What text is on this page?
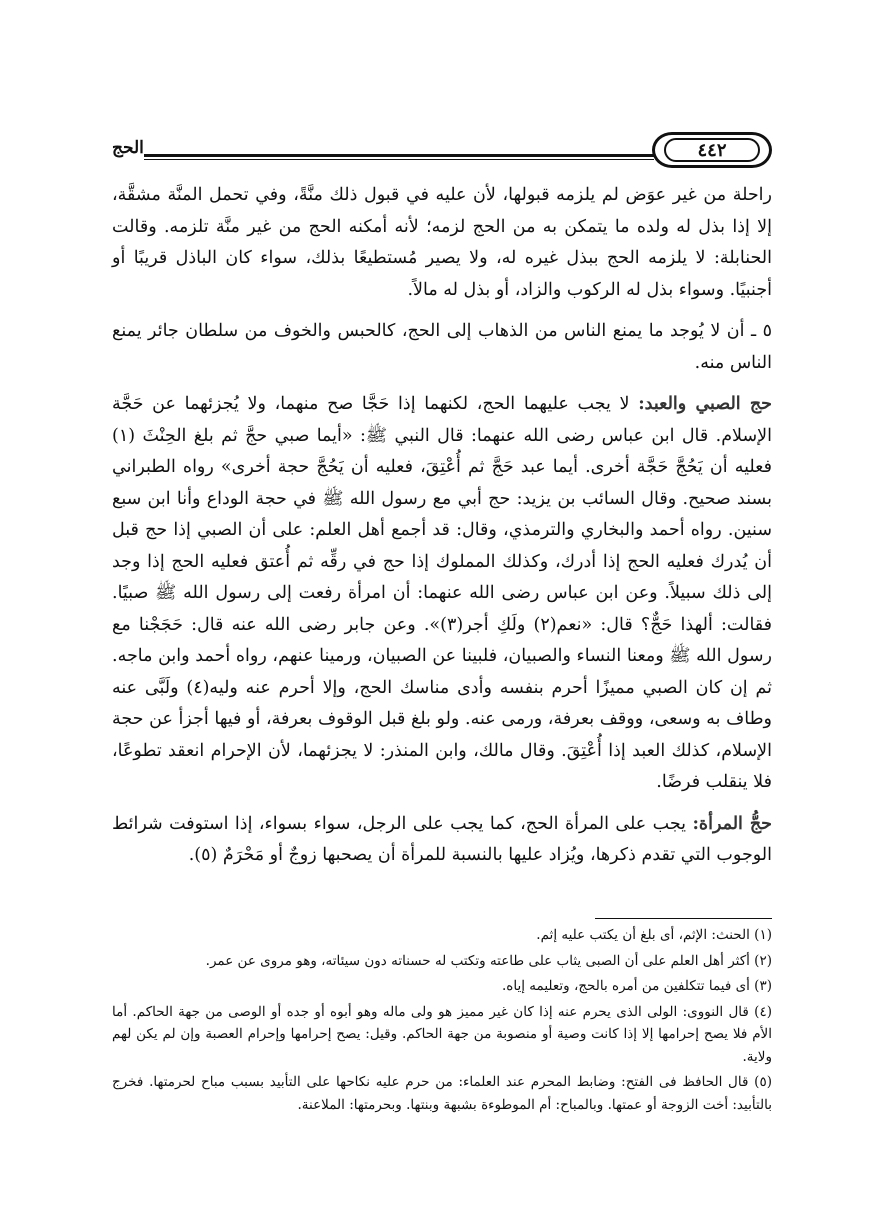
الحج	٤٤٢

راحلة من غير عوَض لم يلزمه قبولها، لأن عليه في قبول ذلك منَّةً، وفي تحمل المنَّة مشقَّة، إلا إذا بذل له ولده ما يتمكن به من الحج لزمه؛ لأنه أمكنه الحج من غير منَّة تلزمه. وقالت الحنابلة: لا يلزمه الحج ببذل غيره له، ولا يصير مُستطيعًا بذلك، سواء كان الباذل قريبًا أو أجنبيًا. وسواء بذل له الركوب والزاد، أو بذل له مالاً.

٥ ـ أن لا يُوجد ما يمنع الناس من الذهاب إلى الحج، كالحبس والخوف من سلطان جائر يمنع الناس منه.

حج الصبي والعبد: لا يجب عليهما الحج، لكنهما إذا حَجَّا صح منهما، ولا يُجزئهما عن حَجَّة الإسلام. قال ابن عباس رضى الله عنهما: قال النبي ﷺ: «أيما صبي حجَّ ثم بلغ الحِنْثَ (١) فعليه أن يَحُجَّ حَجَّة أخرى. أيما عبد حَجَّ ثم أُعْتِقَ، فعليه أن يَحُجَّ حجة أخرى» رواه الطبراني بسند صحيح. وقال السائب بن يزيد: حج أبي مع رسول الله ﷺ في حجة الوداع وأنا ابن سبع سنين. رواه أحمد والبخاري والترمذي، وقال: قد أجمع أهل العلم: على أن الصبي إذا حج قبل أن يُدرك فعليه الحج إذا أدرك، وكذلك المملوك إذا حج في رقِّه ثم أُعتق فعليه الحج إذا وجد إلى ذلك سبيلاً. وعن ابن عباس رضى الله عنهما: أن امرأة رفعت إلى رسول الله ﷺ صبيًا. فقالت: ألهذا حَجٌّ؟ قال: «نعم(٢) ولَكِ أجر(٣)». وعن جابر رضى الله عنه قال: حَجَجْنا مع رسول الله ﷺ ومعنا النساء والصبيان، فلبينا عن الصبيان، ورمينا عنهم، رواه أحمد وابن ماجه. ثم إن كان الصبي مميزًا أحرم بنفسه وأدى مناسك الحج، وإلا أحرم عنه وليه(٤) ولَبَّى عنه وطاف به وسعى، ووقف بعرفة، ورمى عنه. ولو بلغ قبل الوقوف بعرفة، أو فيها أجزأ عن حجة الإسلام، كذلك العبد إذا أُعْتِقَ. وقال مالك، وابن المنذر: لا يجزئهما، لأن الإحرام انعقد تطوعًا، فلا ينقلب فرضًا.

حجُّ المرأة: يجب على المرأة الحج، كما يجب على الرجل، سواء بسواء، إذا استوفت شرائط الوجوب التي تقدم ذكرها، ويُزاد عليها بالنسبة للمرأة أن يصحبها زوجٌ أو مَحْرَمٌ (٥).

(١) الحنث: الإثم، أى بلغ أن يكتب عليه إثم.

(٢) أكثر أهل العلم على أن الصبى يثاب على طاعته وتكتب له حسناته دون سيئاته، وهو مروى عن عمر.

(٣) أى فيما تتكلفين من أمره بالحج، وتعليمه إياه.

(٤) قال النووى: الولى الذى يحرم عنه إذا كان غير مميز هو ولى ماله وهو أبوه أو جده أو الوصى من جهة الحاكم. أما الأم فلا يصح إحرامها إلا إذا كانت وصية أو منصوبة من جهة الحاكم. وقيل: يصح إحرامها وإحرام العصبة وإن لم يكن لهم ولاية.

(٥) قال الحافظ فى الفتح: وضابط المحرم عند العلماء: من حرم عليه نكاحها على التأبيد بسبب مباح لحرمتها. فخرج بالتأبيد: أخت الزوجة أو عمتها. وبالمباح: أم الموطوءة بشبهة وبنتها. وبحرمتها: الملاعنة.
